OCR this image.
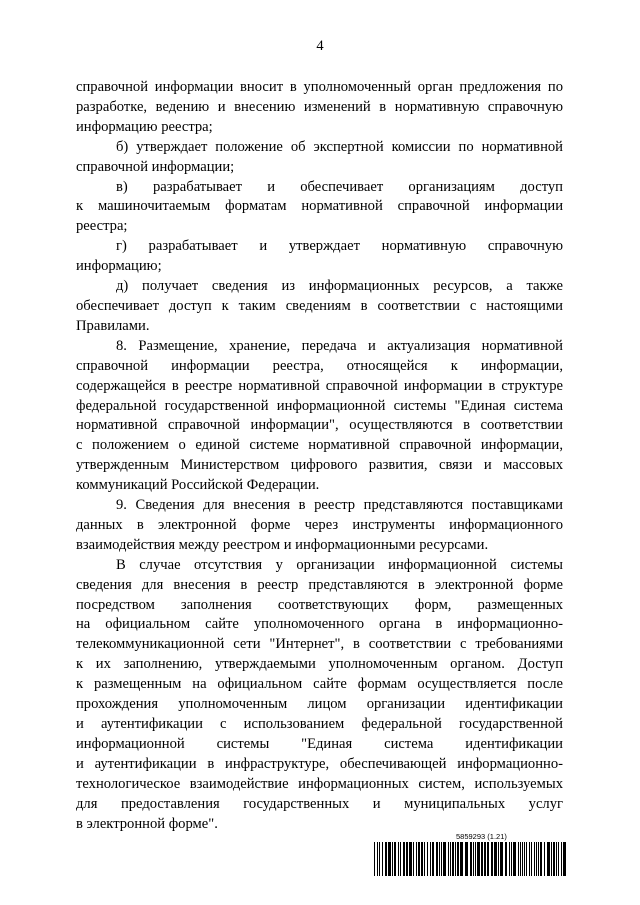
4
справочной информации вносит в уполномоченный орган предложения по
разработке, ведению и внесению изменений в нормативную справочную
информацию реестра;
б) утверждает положение об экспертной комиссии по нормативной
справочной информации;
в) разрабатывает и обеспечивает организациям доступ
к машиночитаемым форматам нормативной справочной информации
реестра;
г) разрабатывает и утверждает нормативную справочную
информацию;
д) получает сведения из информационных ресурсов, а также
обеспечивает доступ к таким сведениям в соответствии с настоящими
Правилами.
8. Размещение, хранение, передача и актуализация нормативной
справочной информации реестра, относящейся к информации,
содержащейся в реестре нормативной справочной информации в структуре
федеральной государственной информационной системы "Единая система
нормативной справочной информации", осуществляются в соответствии
с положением о единой системе нормативной справочной информации,
утвержденным Министерством цифрового развития, связи и массовых
коммуникаций Российской Федерации.
9. Сведения для внесения в реестр представляются поставщиками
данных в электронной форме через инструменты информационного
взаимодействия между реестром и информационными ресурсами.
В случае отсутствия у организации информационной системы
сведения для внесения в реестр представляются в электронной форме
посредством заполнения соответствующих форм, размещенных
на официальном сайте уполномоченного органа в информационно-
телекоммуникационной сети "Интернет", в соответствии с требованиями
к их заполнению, утверждаемыми уполномоченным органом. Доступ
к размещенным на официальном сайте формам осуществляется после
прохождения уполномоченным лицом организации идентификации
и аутентификации с использованием федеральной государственной
информационной системы "Единая система идентификации
и аутентификации в инфраструктуре, обеспечивающей информационно-
технологическое взаимодействие информационных систем, используемых
для предоставления государственных и муниципальных услуг
в электронной форме".
5859293 (1.21)
